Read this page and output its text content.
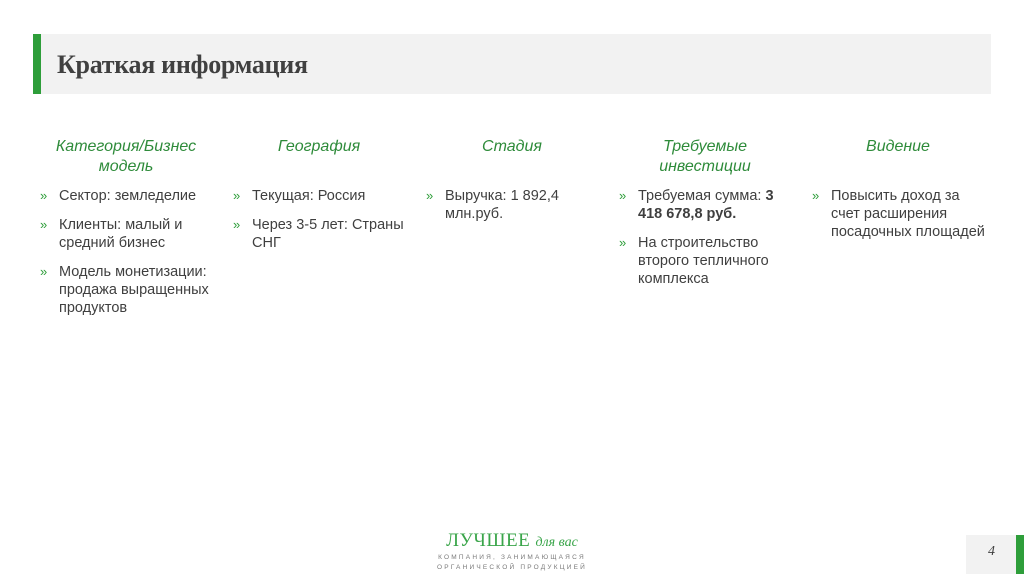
Краткая информация

Категория/Бизнес модель

» Сектор: земледелие
» Клиенты: малый и средний бизнес
» Модель монетизации: продажа выращенных продуктов

География

» Текущая: Россия
» Через 3-5 лет: Страны СНГ

Стадия

» Выручка: 1 892,4 млн.руб.

Требуемые инвестиции

» Требуемая сумма: 3 418 678,8 руб.
» На строительство второго тепличного комплекса

Видение

» Повысить доход за счет расширения посадочных площадей
ЛУЧШЕЕ для вас
КОМПАНИЯ, ЗАНИМАЮЩАЯСЯ
ОРГАНИЧЕСКОЙ ПРОДУКЦИЕЙ
4
